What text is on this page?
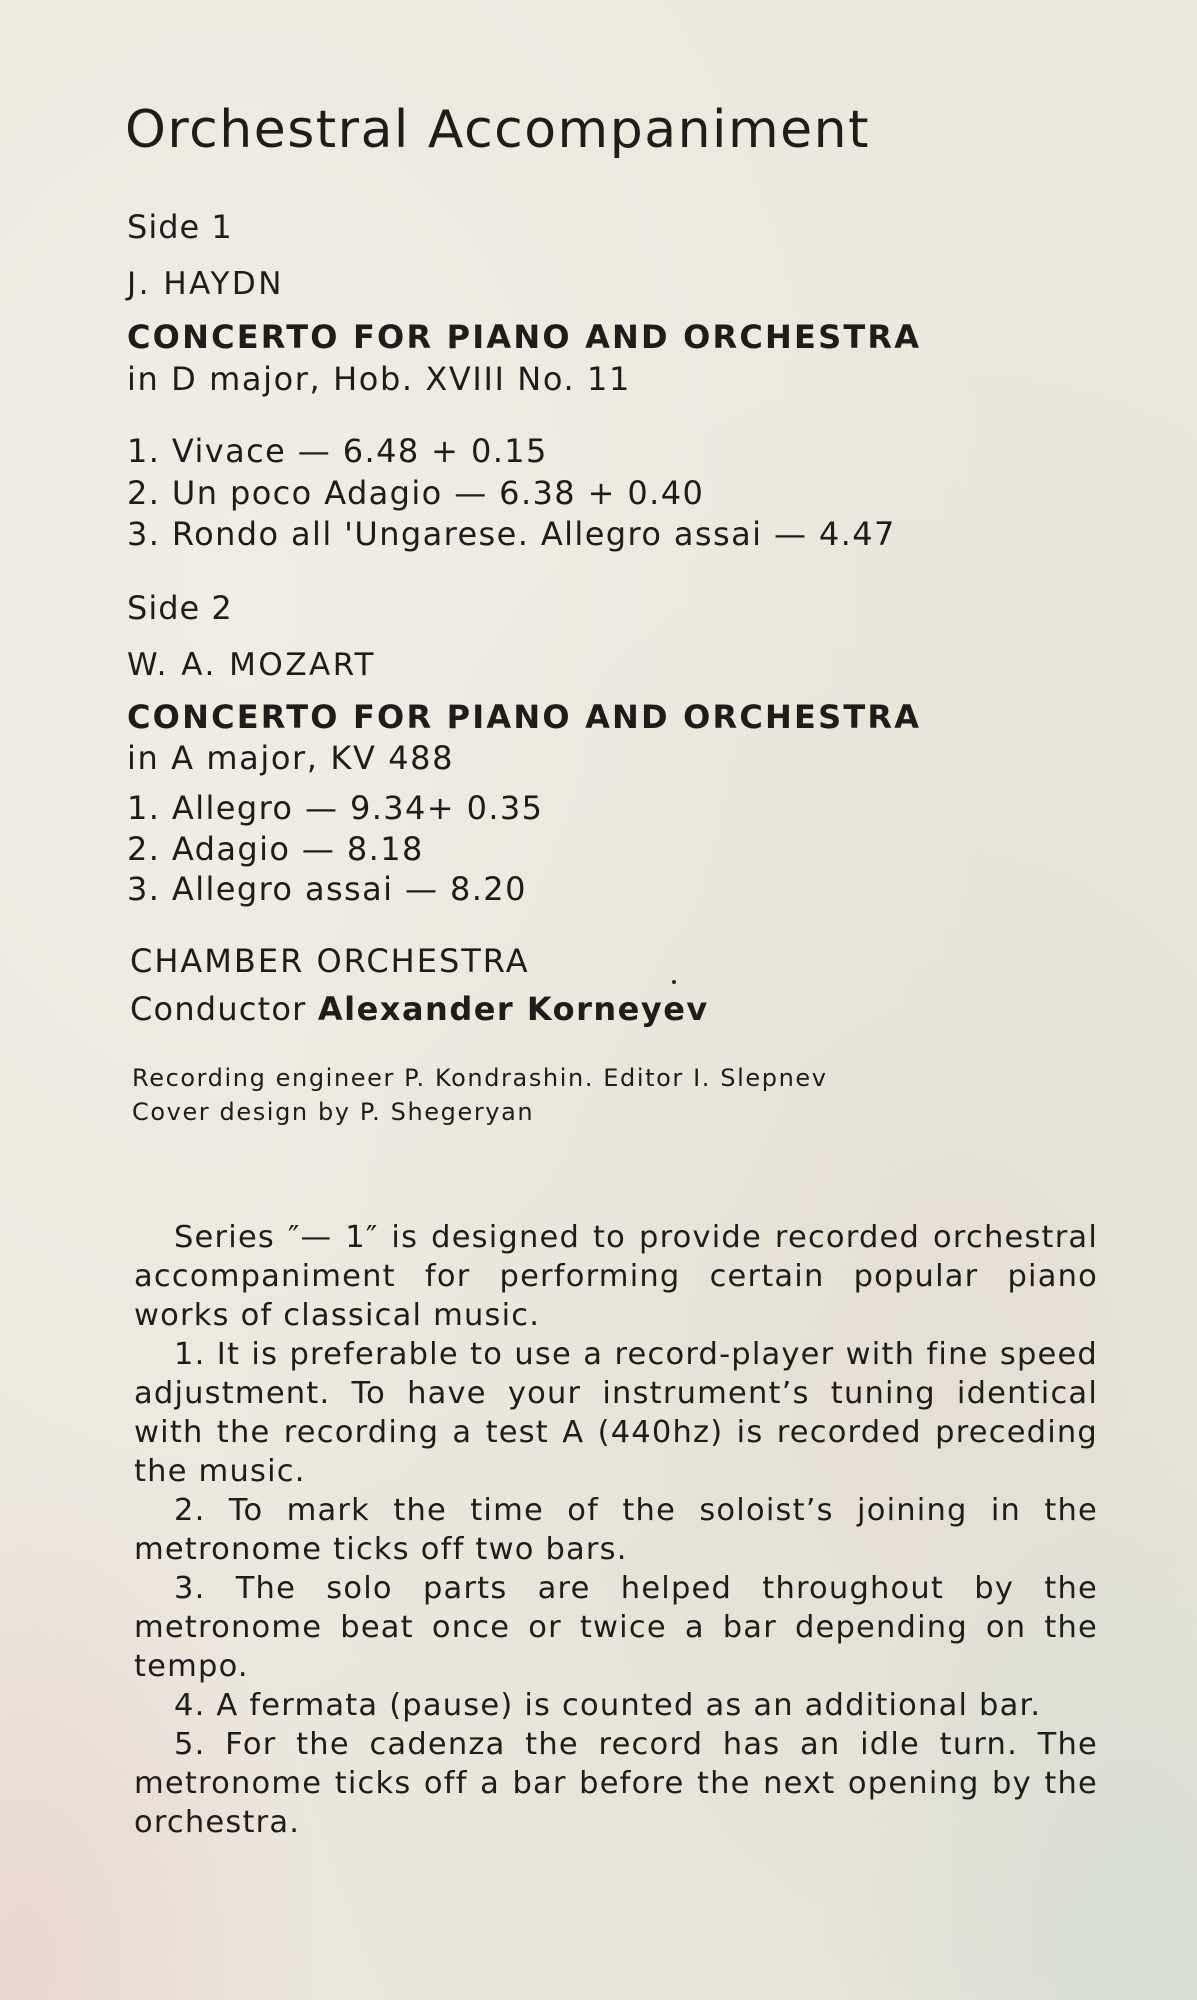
Orchestral Accompaniment
Side 1
J. HAYDN
CONCERTO FOR PIANO AND ORCHESTRA
in D major, Hob. XVIII No. 11
1. Vivace — 6.48 + 0.15
2. Un poco Adagio — 6.38 + 0.40
3. Rondo all 'Ungarese. Allegro assai — 4.47
Side 2
W. A. MOZART
CONCERTO FOR PIANO AND ORCHESTRA
in A major, KV 488
1. Allegro — 9.34+ 0.35
2. Adagio — 8.18
3. Allegro assai — 8.20
CHAMBER ORCHESTRA
Conductor Alexander Korneyev
Recording engineer P. Kondrashin. Editor I. Slepnev
Cover design by P. Shegeryan

Series ″— 1″ is designed to provide recorded orchestral accompaniment for performing certain popular piano works of classical music.

1. It is preferable to use a record-player with fine speed adjustment. To have your instrument’s tuning identical with the recording a test A (440hz) is recorded preceding the music.

2. To mark the time of the soloist’s joining in the metronome ticks off two bars.

3. The solo parts are helped throughout by the metronome beat once or twice a bar depending on the tempo.

4. A fermata (pause) is counted as an additional bar.

5. For the cadenza the record has an idle turn. The metronome ticks off a bar before the next opening by the orchestra.
